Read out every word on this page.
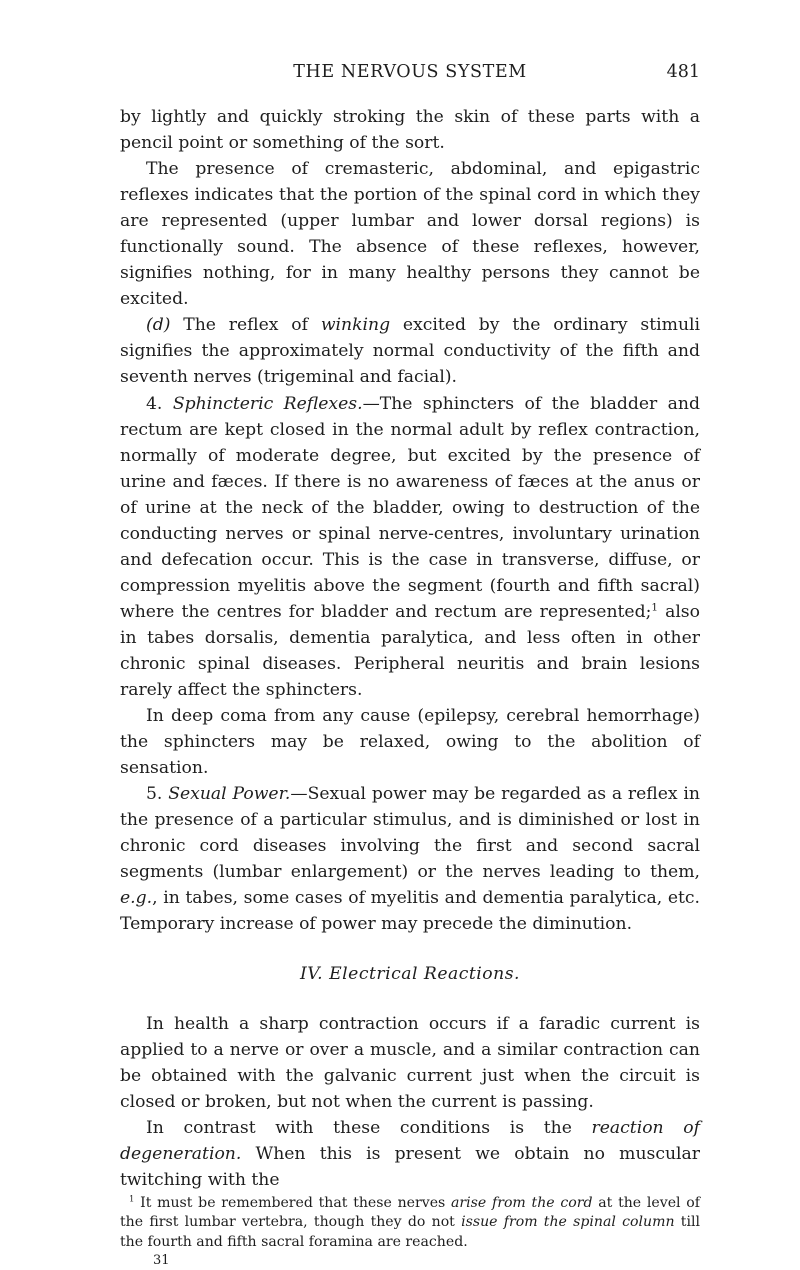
THE NERVOUS SYSTEM	481

by lightly and quickly stroking the skin of these parts with a pencil point or something of the sort.

The presence of cremasteric, abdominal, and epigastric reflexes indicates that the portion of the spinal cord in which they are represented (upper lumbar and lower dorsal regions) is functionally sound. The absence of these reflexes, however, signifies nothing, for in many healthy persons they cannot be excited.

(d) The reflex of winking excited by the ordinary stimuli signifies the approximately normal conductivity of the fifth and seventh nerves (trigeminal and facial).

4. Sphincteric Reflexes.—The sphincters of the bladder and rectum are kept closed in the normal adult by reflex contraction, normally of moderate degree, but excited by the presence of urine and fæces. If there is no awareness of fæces at the anus or of urine at the neck of the bladder, owing to destruction of the conducting nerves or spinal nerve-centres, involuntary urination and defecation occur. This is the case in transverse, diffuse, or compression myelitis above the segment (fourth and fifth sacral) where the centres for bladder and rectum are represented;$^1$ also in tabes dorsalis, dementia paralytica, and less often in other chronic spinal diseases. Peripheral neuritis and brain lesions rarely affect the sphincters.

In deep coma from any cause (epilepsy, cerebral hemorrhage) the sphincters may be relaxed, owing to the abolition of sensation.

5. Sexual Power.—Sexual power may be regarded as a reflex in the presence of a particular stimulus, and is diminished or lost in chronic cord diseases involving the first and second sacral segments (lumbar enlargement) or the nerves leading to them, e.g., in tabes, some cases of myelitis and dementia paralytica, etc. Temporary increase of power may precede the diminution.

IV. Electrical Reactions.

In health a sharp contraction occurs if a faradic current is applied to a nerve or over a muscle, and a similar contraction can be obtained with the galvanic current just when the circuit is closed or broken, but not when the current is passing.

In contrast with these conditions is the reaction of degeneration. When this is present we obtain no muscular twitching with the

$^1$ It must be remembered that these nerves arise from the cord at the level of the first lumbar vertebra, though they do not issue from the spinal column till the fourth and fifth sacral foramina are reached.

31
